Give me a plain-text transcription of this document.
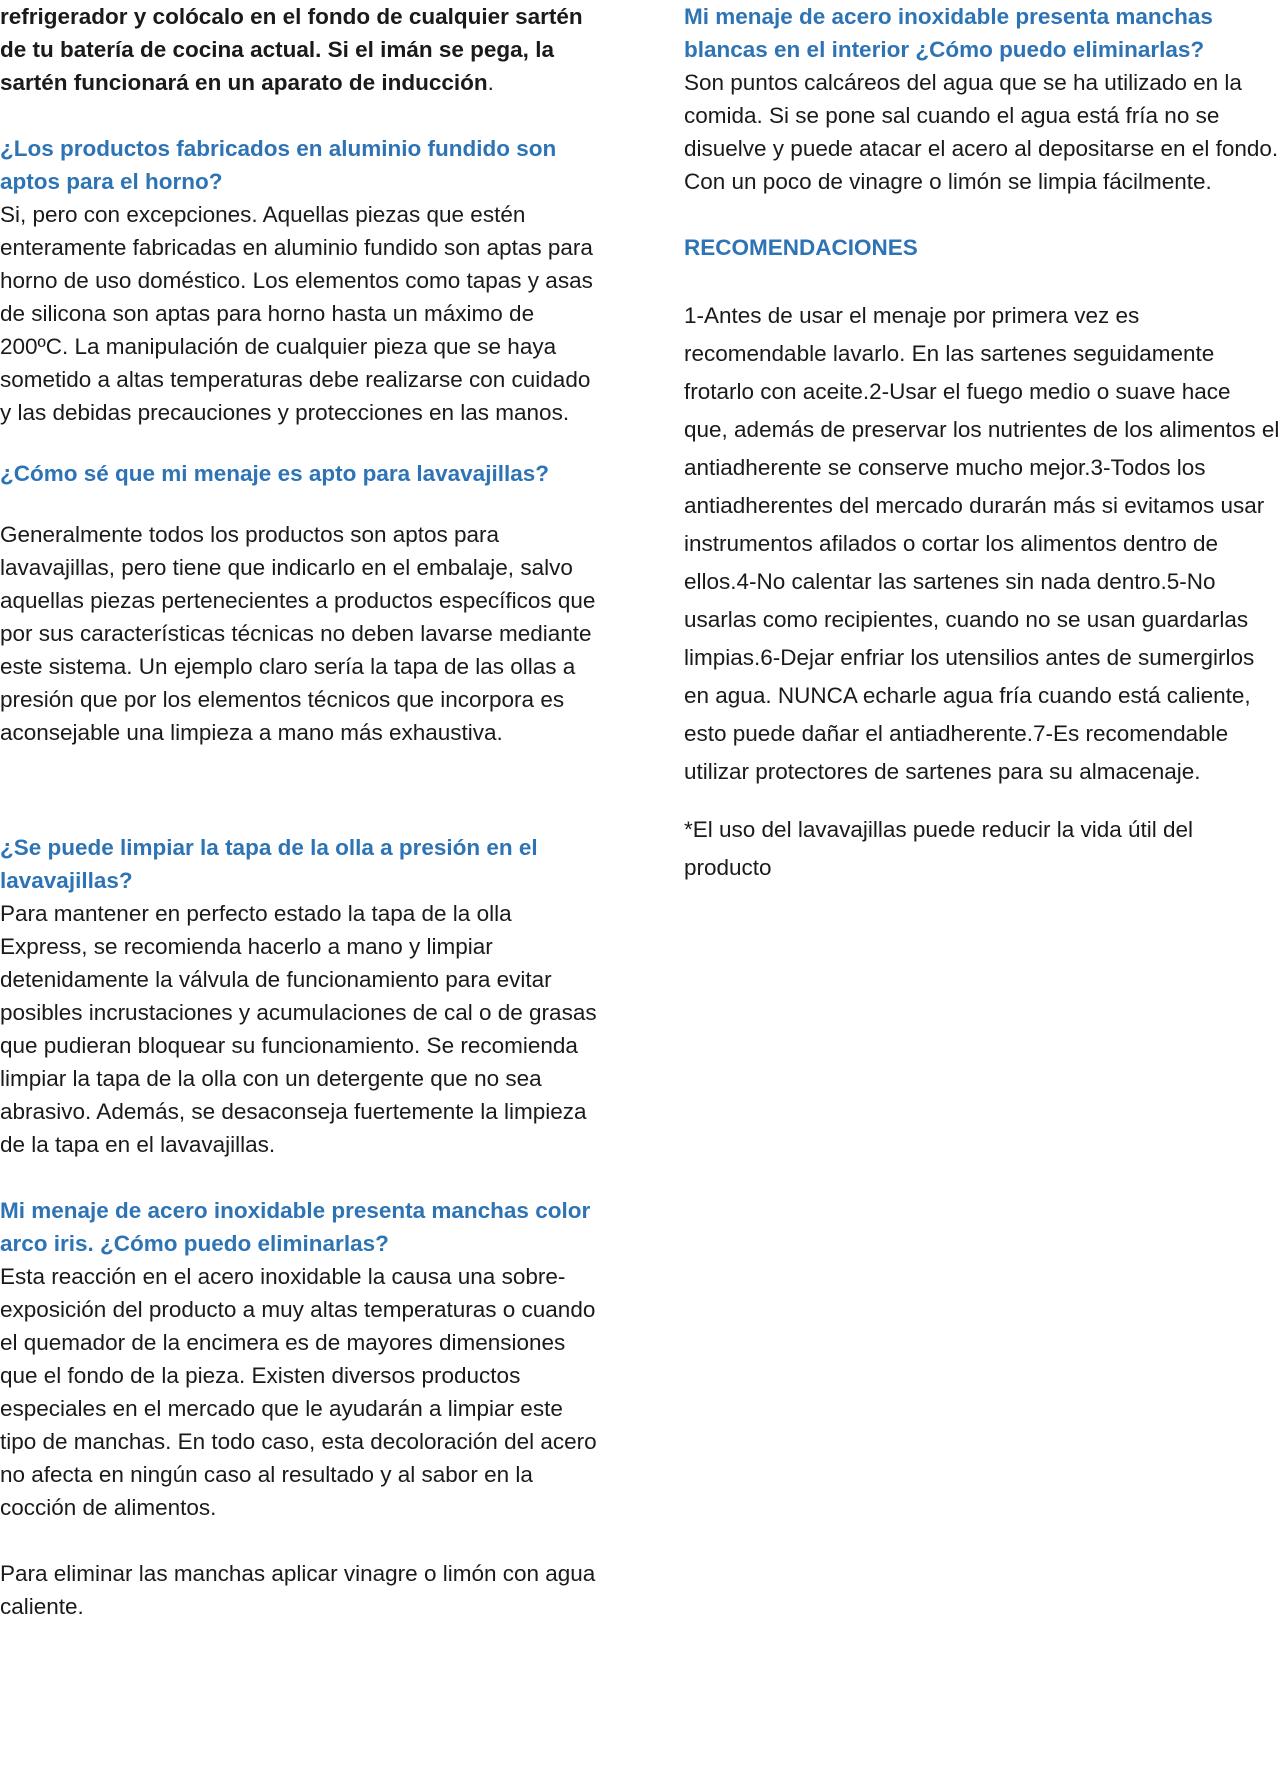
refrigerador y colócalo en el fondo de cualquier sartén de tu batería de cocina actual. Si el imán se pega, la sartén funcionará en un aparato de inducción.

¿Los productos fabricados en aluminio fundido son aptos para el horno?

Si, pero con excepciones. Aquellas piezas que estén enteramente fabricadas en aluminio fundido son aptas para horno de uso doméstico. Los elementos como tapas y asas de silicona son aptas para horno hasta un máximo de 200ºC. La manipulación de cualquier pieza que se haya sometido a altas temperaturas debe realizarse con cuidado y las debidas precauciones y protecciones en las manos.

¿Cómo sé que mi menaje es apto para lavavajillas?

Generalmente todos los productos son aptos para lavavajillas, pero tiene que indicarlo en el embalaje, salvo aquellas piezas pertenecientes a productos específicos que por sus características técnicas no deben lavarse mediante este sistema. Un ejemplo claro sería la tapa de las ollas a presión que por los elementos técnicos que incorpora es aconsejable una limpieza a mano más exhaustiva.

¿Se puede limpiar la tapa de la olla a presión en el lavavajillas?

Para mantener en perfecto estado la tapa de la olla Express, se recomienda hacerlo a mano y limpiar detenidamente la válvula de funcionamiento para evitar posibles incrustaciones y acumulaciones de cal o de grasas que pudieran bloquear su funcionamiento. Se recomienda limpiar la tapa de la olla con un detergente que no sea abrasivo. Además, se desaconseja fuertemente la limpieza de la tapa en el lavavajillas.

Mi menaje de acero inoxidable presenta manchas color arco iris. ¿Cómo puedo eliminarlas?

Esta reacción en el acero inoxidable la causa una sobre-exposición del producto a muy altas temperaturas o cuando el quemador de la encimera es de mayores dimensiones que el fondo de la pieza. Existen diversos productos especiales en el mercado que le ayudarán a limpiar este tipo de manchas. En todo caso, esta decoloración del acero no afecta en ningún caso al resultado y al sabor en la cocción de alimentos.

Para eliminar las manchas aplicar vinagre o limón con agua caliente.

Mi menaje de acero inoxidable presenta manchas blancas en el interior ¿Cómo puedo eliminarlas?

Son puntos calcáreos del agua que se ha utilizado en la comida. Si se pone sal cuando el agua está fría no se disuelve y puede atacar el acero al depositarse en el fondo.

Con un poco de vinagre o limón se limpia fácilmente.

RECOMENDACIONES

1-Antes de usar el menaje por primera vez es recomendable lavarlo. En las sartenes seguidamente frotarlo con aceite.2-Usar el fuego medio o suave hace que, además de preservar los nutrientes de los alimentos el antiadherente se conserve mucho mejor.3-Todos los antiadherentes del mercado durarán más si evitamos usar instrumentos afilados o cortar los alimentos dentro de ellos.4-No calentar las sartenes sin nada dentro.5-No usarlas como recipientes, cuando no se usan guardarlas limpias.6-Dejar enfriar los utensilios antes de sumergirlos en agua. NUNCA echarle agua fría cuando está caliente, esto puede dañar el antiadherente.7-Es recomendable utilizar protectores de sartenes para su almacenaje.

*El uso del lavavajillas puede reducir la vida útil del producto
